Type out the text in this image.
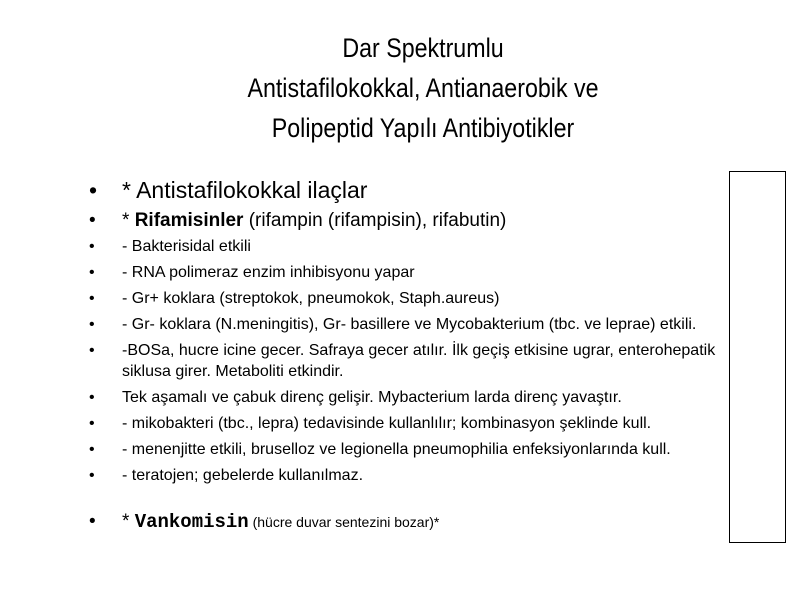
Dar Spektrumlu
Antistafilokokkal, Antianaerobik ve
Polipeptid Yapılı Antibiyotikler
• * Antistafilokokkal ilaçlar
• * Rifamisinler (rifampin (rifampisin), rifabutin)
• - Bakterisidal etkili
• - RNA polimeraz enzim inhibisyonu yapar
• - Gr+ koklara (streptokok, pneumokok, Staph.aureus)
• - Gr- koklara (N.meningitis), Gr- basillere ve Mycobakterium (tbc. ve leprae) etkili.
• -BOSa, hucre icine gecer. Safraya gecer atılır. İlk geçiş etkisine ugrar, enterohepatik siklusa girer. Metaboliti etkindir.
• Tek aşamalı ve çabuk direnç gelişir. Mybacterium larda direnç yavaştır.
• - mikobakteri (tbc., lepra) tedavisinde kullanlılır; kombinasyon şeklinde kull.
• - menenjitte etkili, bruselloz ve legionella pneumophilia enfeksiyonlarında kull.
• - teratojen; gebelerde kullanılmaz.
• * Vankomisin (hücre duvar sentezini bozar)*
